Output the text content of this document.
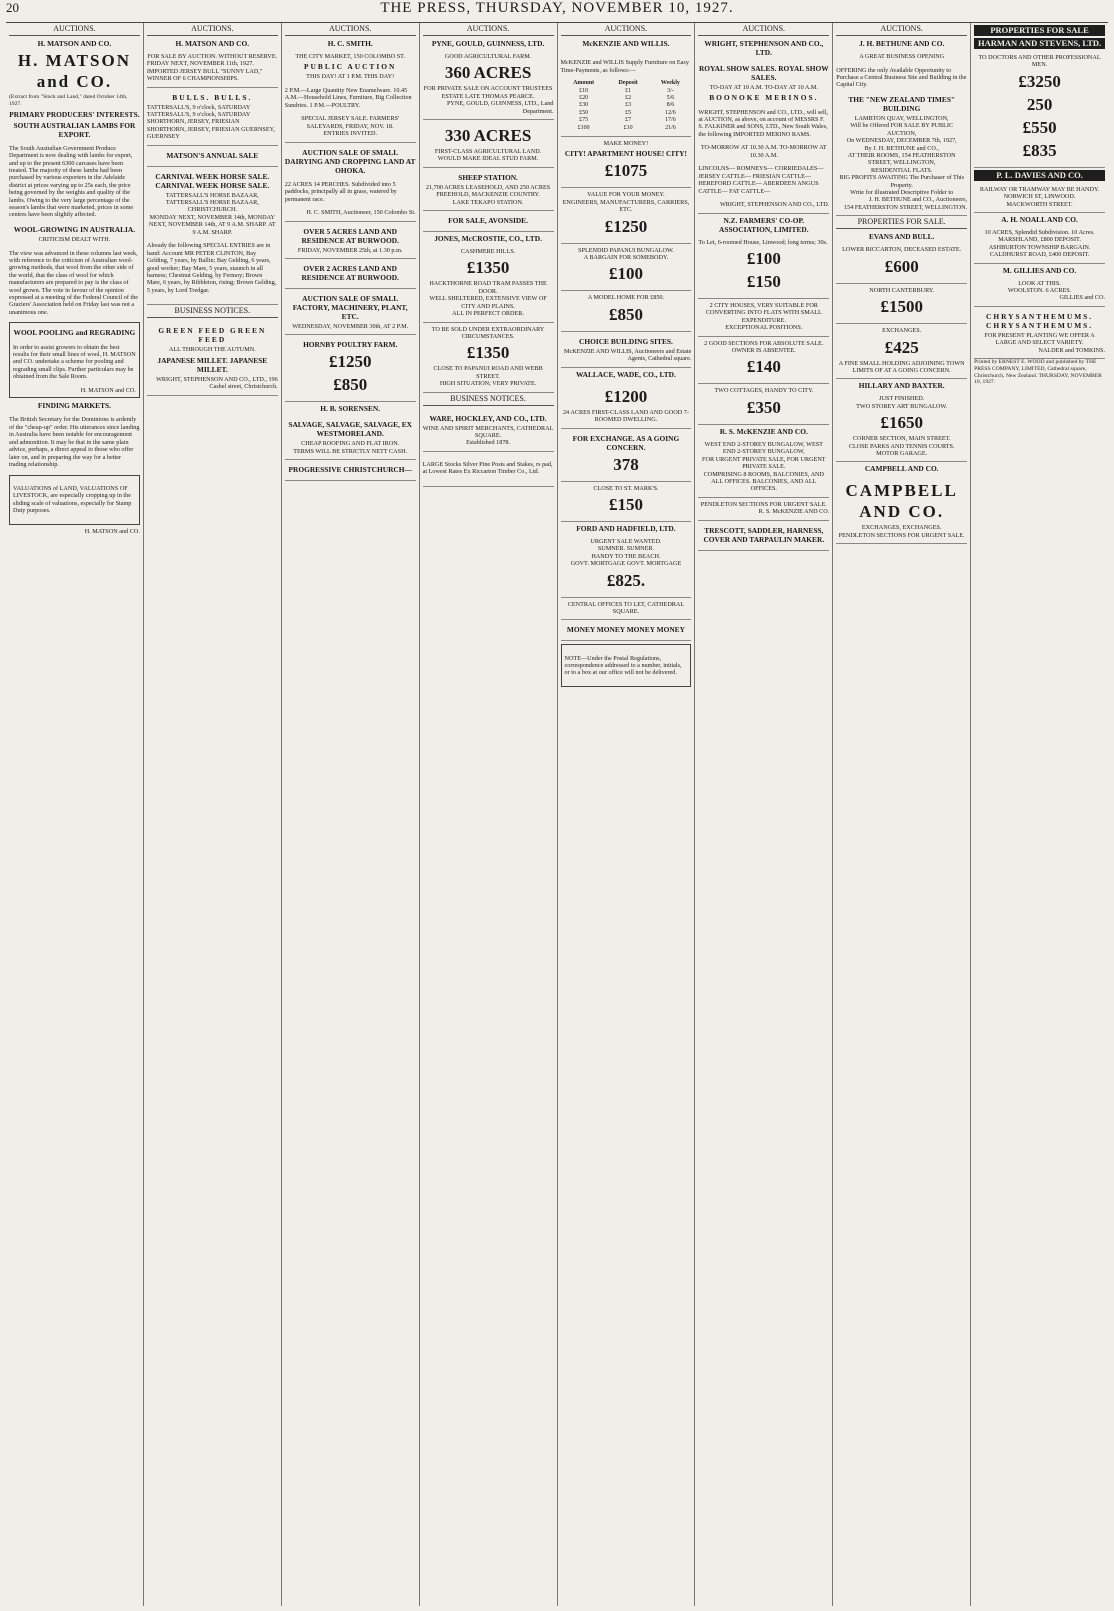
20	THE PRESS, THURSDAY, NOVEMBER 10, 1927.
AUCTIONS.
H. MATSON AND CO.
H. MATSON and CO.
(Extract from "Stock and Land," dated October 14th, 1927.
PRIMARY PRODUCERS' INTERESTS.
SOUTH AUSTRALIAN LAMBS FOR EXPORT.

The South Australian Government Produce Department is now dealing with lambs for export, and up to the present 6300 carcases have been treated. The majority of these lambs had been purchased by various exporters in the Adelaide district at prices varying up to 25s each, the price being governed by the weights and quality of the lambs. Owing to the very large percentage of the season's lambs that were marketed, prices in some centres have been slightly affected.

WOOL-GROWING IN AUSTRALIA.
CRITICISM DEALT WITH.

The view was advanced in these columns last week, with reference to the criticism of Australian wool-growing methods, that wool from the other side of the world, that the class of wool for which manufacturers are prepared to pay is the class of wool grown. The vote in favour of the opinion expressed at a meeting of the Federal Council of the Graziers' Association held on Friday last was not a unanimous one.

WOOL POOLING and REGRADING

In order to assist growers to obtain the best results for their small lines of wool, H. MATSON and CO. undertake a scheme for pooling and regrading small clips. Further particulars may be obtained from the Sale Room.

H. MATSON and CO.
FINDING MARKETS.

The British Secretary for the Dominions is ardently of the "cheap-up" order. His utterances since landing in Australia have been notable for encouragement and admonition. It may be that in the same plain advice, perhaps, a direct appeal to those who offer later on, and in preparing the way for a better trading relationship.

VALUATIONS of LAND, VALUATIONS OF LIVESTOCK, are especially cropping up in the sliding scale of valuations, especially for Stamp Duty purposes.

H. MATSON and CO.
AUCTIONS.
H. MATSON AND CO.
FOR SALE BY AUCTION. WITHOUT RESERVE.
FRIDAY NEXT, NOVEMBER 11th, 1927.
IMPORTED JERSEY BULL "SUNNY LAD," WINNER OF 6 CHAMPIONSHIPS.
BULLS. BULLS.
TATTERSALL'S, 9 o'clock, SATURDAY TATTERSALL'S, 9 o'clock, SATURDAY
SHORTHORN, JERSEY, FRIESIAN SHORTHORN, JERSEY, FRIESIAN GUERNSEY, GUERNSEY
MATSON'S ANNUAL SALE
CARNIVAL WEEK HORSE SALE. CARNIVAL WEEK HORSE SALE.
TATTERSALL'S HORSE BAZAAR, TATTERSALL'S HORSE BAZAAR, CHRISTCHURCH.
MONDAY NEXT, NOVEMBER 14th, MONDAY NEXT, NOVEMBER 14th, AT 9 A.M. SHARP. AT 9 A.M. SHARP.

Already the following SPECIAL ENTRIES are in hand: Account MR PETER CLINTON, Bay Gelding, 7 years, by Ballin; Bay Gelding, 6 years, good worker; Bay Mare, 5 years, staunch in all harness; Chestnut Gelding, by Fermoy; Brown Mare, 6 years, by Ribbleton, rising; Brown Gelding, 5 years, by Lord Tredgar.

BUSINESS NOTICES.
GREEN FEED GREEN FEED
ALL THROUGH THE AUTUMN.
JAPANESE MILLET. JAPANESE MILLET.
WRIGHT, STEPHENSON AND CO., LTD., 196 Cashel street, Christchurch.
AUCTIONS.
H. C. SMITH.
THE CITY MARKET, 150 COLOMBO ST.
PUBLIC AUCTION
THIS DAY! AT 1 P.M. THIS DAY!

2 P.M.—Large Quantity New Enamelware. 10.45 A.M.—Household Lines, Furniture, Big Collection Sundries. 1 P.M.—POULTRY.

SPECIAL JERSEY SALE. FARMERS' SALEYARDS, FRIDAY, NOV. 18.
ENTRIES INVITED.
AUCTION SALE OF SMALL DAIRYING AND CROPPING LAND AT OHOKA.

22 ACRES 14 PERCHES. Subdivided into 5 paddocks, principally all in grass, watered by permanent race.

H. C. SMITH, Auctioneer, 150 Colombo St.
OVER 5 ACRES LAND AND RESIDENCE AT BURWOOD.
FRIDAY, NOVEMBER 25th, at 1.30 p.m.
OVER 2 ACRES LAND AND RESIDENCE AT BURWOOD.
AUCTION SALE OF SMALL FACTORY, MACHINERY, PLANT, ETC.
WEDNESDAY, NOVEMBER 30th, AT 2 P.M.
HORNBY POULTRY FARM.
£1250
£850
H. B. SORENSEN.
SALVAGE, SALVAGE, SALVAGE, EX WESTMORELAND.
CHEAP ROOFING AND FLAT IRON.
TERMS WILL BE STRICTLY NETT CASH.
PROGRESSIVE CHRISTCHURCH—
AUCTIONS.
PYNE, GOULD, GUINNESS, LTD.
GOOD AGRICULTURAL FARM.
360 ACRES
FOR PRIVATE SALE ON ACCOUNT TRUSTEES ESTATE LATE THOMAS PEARCE.
PYNE, GOULD, GUINNESS, LTD., Land Department.
330 ACRES
FIRST-CLASS AGRICULTURAL LAND.
WOULD MAKE IDEAL STUD FARM.
SHEEP STATION.
21,700 ACRES LEASEHOLD, AND 250 ACRES FREEHOLD, MACKENZIE COUNTRY.
LAKE TEKAPO STATION.
FOR SALE, AVONSIDE.
JONES, McCROSTIE, CO., LTD.
CASHMERE HILLS.
£1350
HACKTHORNE ROAD TRAM PASSES THE DOOR.
WELL SHELTERED, EXTENSIVE VIEW OF CITY AND PLAINS.
ALL IN PERFECT ORDER.
TO BE SOLD UNDER EXTRAORDINARY CIRCUMSTANCES.
£1350
CLOSE TO PAPANUI ROAD AND WEBB STREET.
HIGH SITUATION; VERY PRIVATE.
BUSINESS NOTICES.
WARE, HOCKLEY, AND CO., LTD.
WINE AND SPIRIT MERCHANTS, CATHEDRAL SQUARE.
Established 1878.

LARGE Stocks Silver Pine Posts and Stakes, rs pad, at Lowest Rates Ex Riccarton Timber Co., Ltd.

AUCTIONS.
McKENZIE AND WILLIS.

McKENZIE and WILLIS Supply Furniture on Easy Time-Payments, as follows:—

Amount	Deposit	Weekly
£10	£1	3/-
£20	£2	5/6
£30	£3	8/6
£50	£5	12/6
£75	£7	17/6
£100	£10	21/6
MAKE MONEY!
CITY! APARTMENT HOUSE! CITY!
£1075
VALUE FOR YOUR MONEY.
ENGINEERS, MANUFACTURERS, CARRIERS, ETC.
£1250
SPLENDID PAPANUI BUNGALOW.
A BARGAIN FOR SOMEBODY.
£100
A MODEL HOME FOR £850.
£850
CHOICE BUILDING SITES.
McKENZIE AND WILLIS, Auctioneers and Estate Agents, Cathedral square.
WALLACE, WADE, CO., LTD.
£1200
24 ACRES FIRST-CLASS LAND AND GOOD 7-ROOMED DWELLING.
FOR EXCHANGE. AS A GOING CONCERN.
378
CLOSE TO ST. MARK'S.
£150
FORD AND HADFIELD, LTD.
URGENT SALE WANTED.
SUMNER. SUMNER.
HANDY TO THE BEACH.
GOVT. MORTGAGE GOVT. MORTGAGE
£825.
CENTRAL OFFICES TO LET, CATHEDRAL SQUARE.
MONEY MONEY MONEY MONEY

NOTE—Under the Postal Regulations, correspondence addressed to a number, initials, or to a box at our office will not be delivered.

AUCTIONS.
WRIGHT, STEPHENSON AND CO., LTD.
ROYAL SHOW SALES. ROYAL SHOW SALES.
TO-DAY AT 10 A.M. TO-DAY AT 10 A.M.
BOONOKE MERINOS.

WRIGHT, STEPHENSON and CO., LTD., will sell, at AUCTION, as above, on account of MESSRS F. S. FALKINER and SONS, LTD., New South Wales, the following IMPORTED MERINO RAMS.

TO-MORROW AT 10.30 A.M. TO-MORROW AT 10.30 A.M.

LINCOLNS— ROMNEYS— CORRIEDALES— JERSEY CATTLE— FRIESIAN CATTLE— HEREFORD CATTLE— ABERDEEN ANGUS CATTLE— FAT CATTLE—

WRIGHT, STEPHENSON AND CO., LTD.
N.Z. FARMERS' CO-OP. ASSOCIATION, LIMITED.
To Let, 6-roomed House, Linwood; long terms; 30s.
£100
£150
2 CITY HOUSES, VERY SUITABLE FOR CONVERTING INTO FLATS WITH SMALL EXPENDITURE.
EXCEPTIONAL POSITIONS.
2 GOOD SECTIONS FOR ABSOLUTE SALE.
OWNER IS ABSENTEE.
£140
TWO COTTAGES, HANDY TO CITY.
£350
R. S. McKENZIE AND CO.
WEST END 2-STOREY BUNGALOW, WEST END 2-STOREY BUNGALOW,
FOR URGENT PRIVATE SALE, FOR URGENT PRIVATE SALE.
COMPRISING 8 ROOMS, BALCONIES, AND ALL OFFICES. BALCONIES, AND ALL OFFICES.
PENDLETON SECTIONS FOR URGENT SALE.
R. S. McKENZIE AND CO.
TRESCOTT, SADDLER, HARNESS, COVER AND TARPAULIN MAKER.
AUCTIONS.
J. H. BETHUNE AND CO.
A GREAT BUSINESS OPENING

OFFERING the only Available Opportunity to Purchase a Central Business Site and Building in the Capital City.

THE "NEW ZEALAND TIMES" BUILDING
LAMBTON QUAY, WELLINGTON,
Will be Offered FOR SALE BY PUBLIC AUCTION,
On WEDNESDAY, DECEMBER 7th, 1927,
By J. H. BETHUNE and CO.,
AT THEIR ROOMS, 154 FEATHERSTON STREET, WELLINGTON,
RESIDENTIAL FLATS.
BIG PROFITS AWAITING The Purchaser of This Property.
Write for illustrated Descriptive Folder to
J. H. BETHUNE and CO., Auctioneers,
154 FEATHERSTON STREET, WELLINGTON.
PROPERTIES FOR SALE.
EVANS AND BULL.
LOWER RICCARTON, DECEASED ESTATE.
£600
NORTH CANTERBURY.
£1500
EXCHANGES.
£425
A FINE SMALL HOLDING ADJOINING TOWN LIMITS OF AT A GOING CONCERN.
HILLARY AND BAXTER.
JUST FINISHED.
TWO STOREY ART BUNGALOW.
£1650
CORNER SECTION, MAIN STREET.
CLOSE PARKS AND TENNIS COURTS.
MOTOR GARAGE.
CAMPBELL AND CO.
CAMPBELL AND CO.
EXCHANGES, EXCHANGES.
PENDLETON SECTIONS FOR URGENT SALE.
PROPERTIES FOR SALE
HARMAN AND STEVENS, LTD.
TO DOCTORS AND OTHER PROFESSIONAL MEN.
£3250
250
£550
£835
P. L. DAVIES AND CO.
RAILWAY OR TRAMWAY MAY BE HANDY.
NORWICH ST, LINWOOD.
MACKWORTH STREET.
A. H. NOALL AND CO.
10 ACRES, Splendid Subdivision. 10 Acres.
MARSHLAND, £800 DEPOSIT.
ASHBURTON TOWNSHIP BARGAIN.
CALDHURST ROAD, £400 DEPOSIT.
M. GILLIES AND CO.
LOOK AT THIS.
WOOLSTON. 6 ACRES.
GILLIES and CO.
CHRYSANTHEMUMS. CHRYSANTHEMUMS.
FOR PRESENT PLANTING WE OFFER A LARGE AND SELECT VARIETY.
NALDER and TOMKINS.
Printed by ERNEST E. WOOD and published by THE PRESS COMPANY, LIMITED, Cathedral square, Christchurch, New Zealand. THURSDAY, NOVEMBER 10, 1927.
